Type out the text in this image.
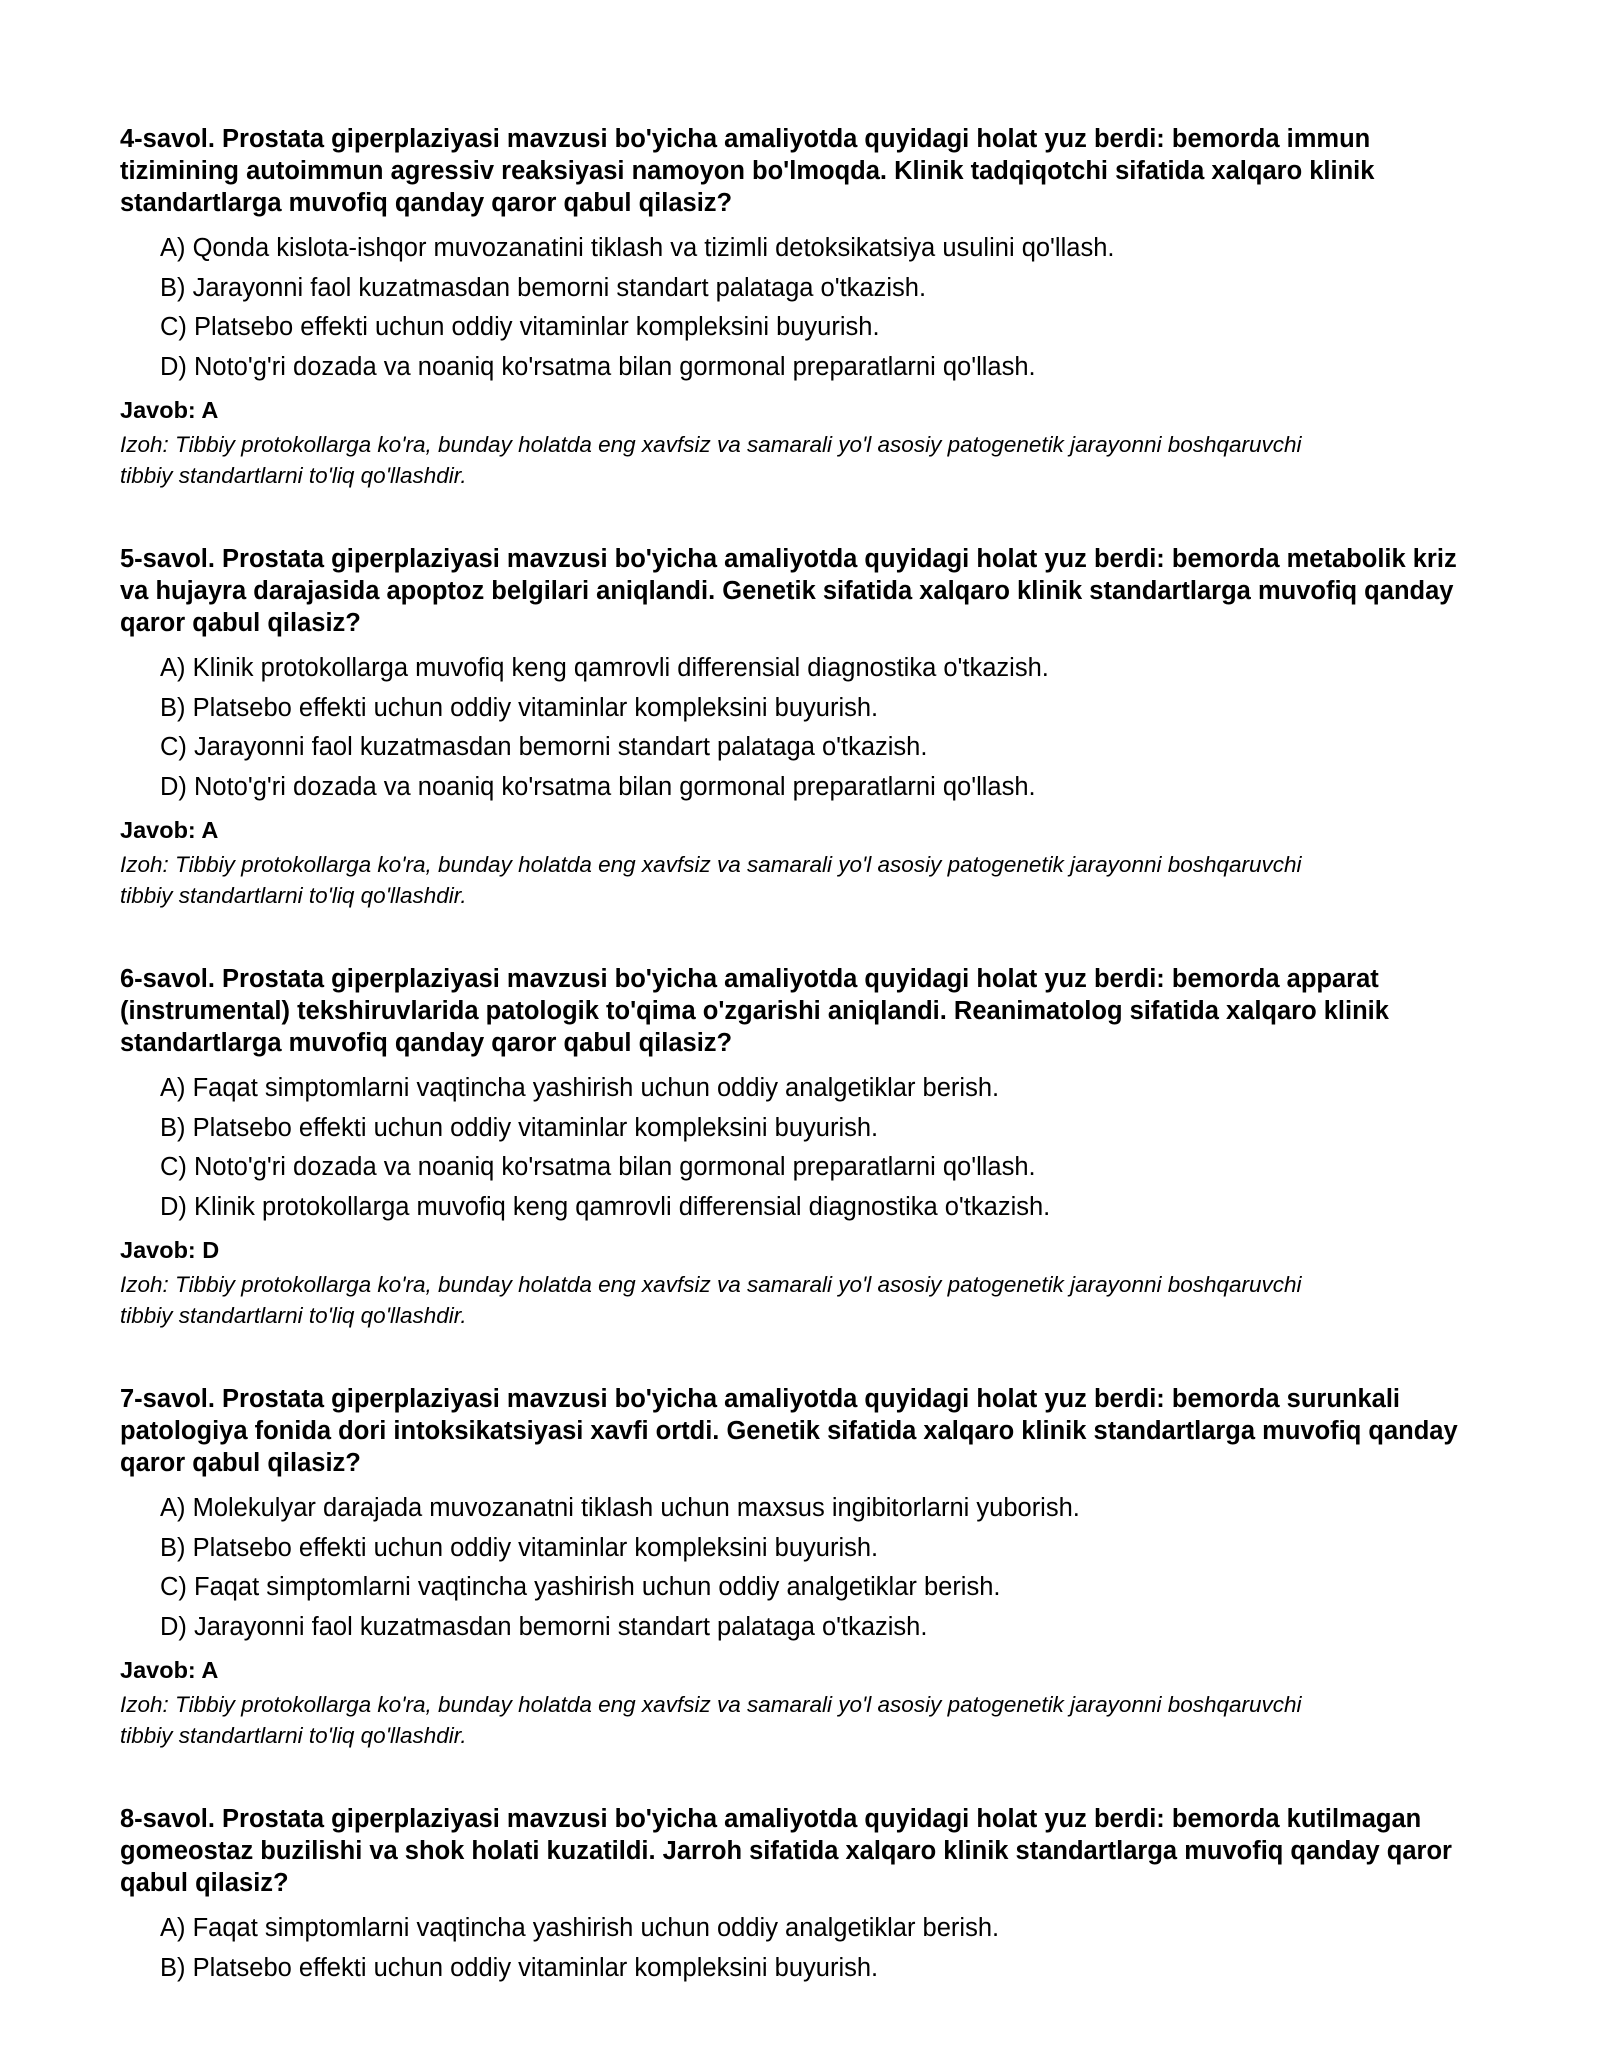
4-savol. Prostata giperplaziyasi mavzusi bo'yicha amaliyotda quyidagi holat yuz berdi: bemorda immun tizimining autoimmun agressiv reaksiyasi namoyon bo'lmoqda. Klinik tadqiqotchi sifatida xalqaro klinik standartlarga muvofiq qanday qaror qabul qilasiz?

A) Qonda kislota-ishqor muvozanatini tiklash va tizimli detoksikatsiya usulini qo'llash.
B) Jarayonni faol kuzatmasdan bemorni standart palataga o'tkazish.
C) Platsebo effekti uchun oddiy vitaminlar kompleksini buyurish.
D) Noto'g'ri dozada va noaniq ko'rsatma bilan gormonal preparatlarni qo'llash.

Javob: A

Izoh: Tibbiy protokollarga ko'ra, bunday holatda eng xavfsiz va samarali yo'l asosiy patogenetik jarayonni boshqaruvchi tibbiy standartlarni to'liq qo'llashdir.

5-savol. Prostata giperplaziyasi mavzusi bo'yicha amaliyotda quyidagi holat yuz berdi: bemorda metabolik kriz va hujayra darajasida apoptoz belgilari aniqlandi. Genetik sifatida xalqaro klinik standartlarga muvofiq qanday qaror qabul qilasiz?

A) Klinik protokollarga muvofiq keng qamrovli differensial diagnostika o'tkazish.
B) Platsebo effekti uchun oddiy vitaminlar kompleksini buyurish.
C) Jarayonni faol kuzatmasdan bemorni standart palataga o'tkazish.
D) Noto'g'ri dozada va noaniq ko'rsatma bilan gormonal preparatlarni qo'llash.

Javob: A

Izoh: Tibbiy protokollarga ko'ra, bunday holatda eng xavfsiz va samarali yo'l asosiy patogenetik jarayonni boshqaruvchi tibbiy standartlarni to'liq qo'llashdir.

6-savol. Prostata giperplaziyasi mavzusi bo'yicha amaliyotda quyidagi holat yuz berdi: bemorda apparat (instrumental) tekshiruvlarida patologik to'qima o'zgarishi aniqlandi. Reanimatolog sifatida xalqaro klinik standartlarga muvofiq qanday qaror qabul qilasiz?

A) Faqat simptomlarni vaqtincha yashirish uchun oddiy analgetiklar berish.
B) Platsebo effekti uchun oddiy vitaminlar kompleksini buyurish.
C) Noto'g'ri dozada va noaniq ko'rsatma bilan gormonal preparatlarni qo'llash.
D) Klinik protokollarga muvofiq keng qamrovli differensial diagnostika o'tkazish.

Javob: D

Izoh: Tibbiy protokollarga ko'ra, bunday holatda eng xavfsiz va samarali yo'l asosiy patogenetik jarayonni boshqaruvchi tibbiy standartlarni to'liq qo'llashdir.

7-savol. Prostata giperplaziyasi mavzusi bo'yicha amaliyotda quyidagi holat yuz berdi: bemorda surunkali patologiya fonida dori intoksikatsiyasi xavfi ortdi. Genetik sifatida xalqaro klinik standartlarga muvofiq qanday qaror qabul qilasiz?

A) Molekulyar darajada muvozanatni tiklash uchun maxsus ingibitorlarni yuborish.
B) Platsebo effekti uchun oddiy vitaminlar kompleksini buyurish.
C) Faqat simptomlarni vaqtincha yashirish uchun oddiy analgetiklar berish.
D) Jarayonni faol kuzatmasdan bemorni standart palataga o'tkazish.

Javob: A

Izoh: Tibbiy protokollarga ko'ra, bunday holatda eng xavfsiz va samarali yo'l asosiy patogenetik jarayonni boshqaruvchi tibbiy standartlarni to'liq qo'llashdir.

8-savol. Prostata giperplaziyasi mavzusi bo'yicha amaliyotda quyidagi holat yuz berdi: bemorda kutilmagan gomeostaz buzilishi va shok holati kuzatildi. Jarroh sifatida xalqaro klinik standartlarga muvofiq qanday qaror qabul qilasiz?

A) Faqat simptomlarni vaqtincha yashirish uchun oddiy analgetiklar berish.
B) Platsebo effekti uchun oddiy vitaminlar kompleksini buyurish.
